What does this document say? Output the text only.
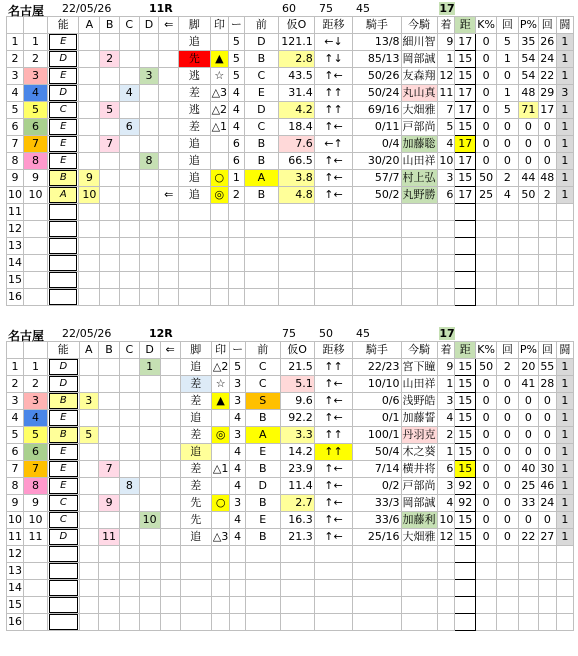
名古屋 22/05/26	11R	60 75 45	17
		能	A	B	C	D	⇐	脚	印	ー	前	仮O	距移	騎手	今騎	着	距	K%	回	P%	回	闘
1	1	E						追		5	D	121.1	←↓	13/8	細川智	9	17	0	5	35	26	1
2	2	D		2				先	▲	5	B	2.8	↑↓	85/13	岡部誠	1	15	0	1	54	24	1
3	3	E				3		逃	☆	5	C	43.5	↑←	50/26	友森翔	12	15	0	0	54	22	1
4	4	D			4			差	△3	4	E	31.4	↑↑	50/24	丸山真	11	17	0	1	48	29	3
5	5	C		5				逃	△2	4	D	4.2	↑↑	69/16	大畑雅	7	17	0	5	71	17	1
6	6	E			6			差	△1	4	C	18.4	↑←	0/11	戸部尚	5	15	0	0	0	0	1
7	7	E		7				追		6	B	7.6	←↑	0/4	加藤聡	4	17	0	0	0	0	1
8	8	E				8		追		6	B	66.5	↑←	30/20	山田祥	10	17	0	0	0	0	1
9	9	B	9					追	○	1	A	3.8	↑←	57/7	村上弘	3	15	50	2	44	48	1
10	10	A	10				⇐	追	◎	2	B	4.8	↑←	50/2	丸野勝	6	17	25	4	50	2	1
11		

12		

13		

14		

15		

16		

名古屋 22/05/26	12R	75 50 45	17
		能	A	B	C	D	⇐	脚	印	ー	前	仮O	距移	騎手	今騎	着	距	K%	回	P%	回	闘
1	1	D				1		追	△2	5	C	21.5	↑↑	22/23	宮下瞳	9	15	50	2	20	55	1
2	2	D						差	☆	3	C	5.1	↑←	10/10	山田祥	1	15	0	0	41	28	1
3	3	B	3					差	▲	3	S	9.6	↑←	0/6	浅野皓	3	15	0	0	0	0	1
4	4	E						追		4	B	92.2	↑←	0/1	加藤誓	4	15	0	0	0	0	1
5	5	B	5					差	◎	3	A	3.3	↑↑	100/1	丹羽克	2	15	0	0	0	0	1
6	6	E						追		4	E	14.2	↑↑	50/4	木之葵	1	15	0	0	0	0	1
7	7	E		7				差	△1	4	B	23.9	↑←	7/14	横井将	6	15	0	0	40	30	1
8	8	E			8			差		4	D	11.4	↑←	0/2	戸部尚	3	92	0	0	25	46	1
9	9	C		9				先	○	3	B	2.7	↑←	33/3	岡部誠	4	92	0	0	33	24	1
10	10	C				10		先		4	E	16.3	↑←	33/6	加藤利	10	15	0	0	0	0	1
11	11	D		11				追	△3	4	B	21.3	↑←	25/16	大畑雅	12	15	0	0	22	27	1
12		

13		

14		

15		

16		
